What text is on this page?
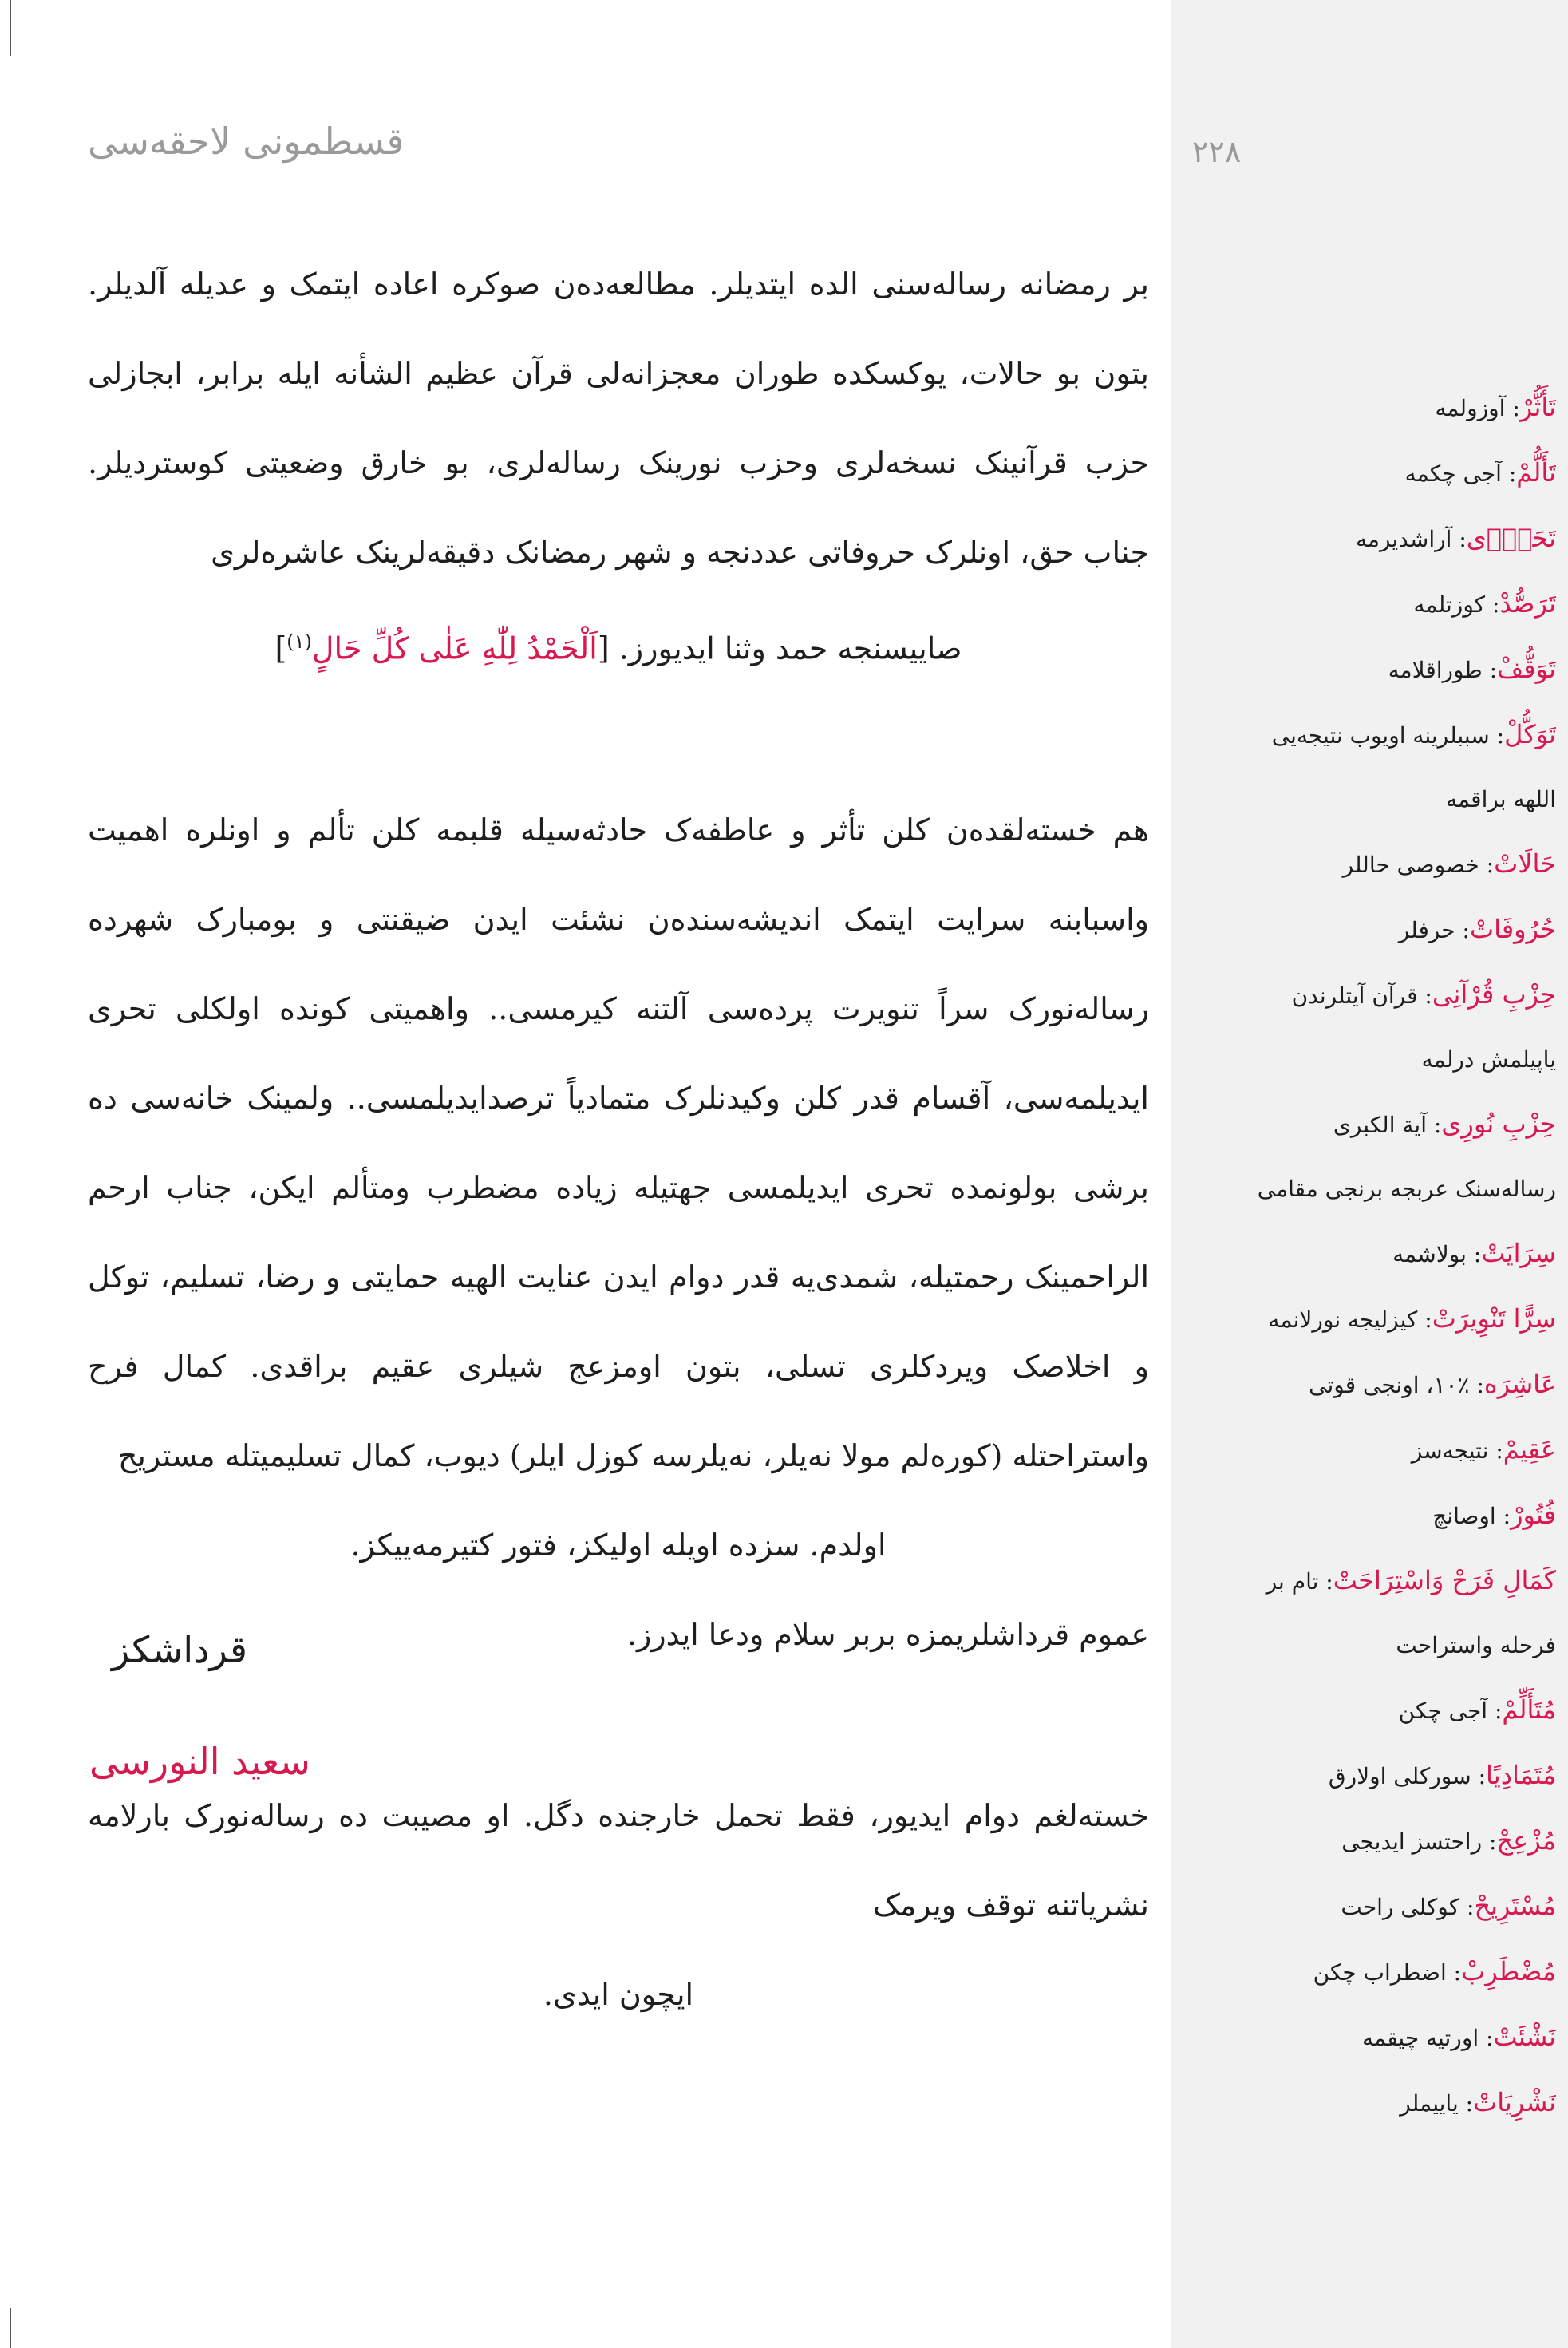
۲۲۸
قسطمونی لاحقه‌سی

بر رمضانه رساله‌سنی الده ایتدیلر. مطالعه‌ده‌ن صوکره اعاده ایتمک و عدیله آلدیلر. بتون بو حالات، یوکسکده طوران معجزانه‌لی قرآن عظیم الشأنه ایله برابر، ابجازلی حزب قرآنینک نسخه‌لری وحزب نورینک رساله‌لری، بو خارق وضعیتی کوستردیلر. جناب حق، اونلرک حروفاتی عددنجه و شهر رمضانک دقیقه‌لرینک عاشره‌لری

صاییسنجه حمد وثنا ایدیورز. [اَلْحَمْدُ لِلّٰهِ عَلٰى كُلِّ حَالٍ$^{(۱)}$]

هم خسته‌لقده‌ن کلن تأثر و عاطفه‌ک حادثه‌سیله قلبمه کلن تألم و اونلره اهمیت واسبابنه سرایت ایتمک اندیشه‌سنده‌ن نشئت ایدن ضیقنتی و بومبارک شهرده رساله‌نورک سراً تنویرت پرده‌سی آلتنه کیرمسی.. واهمیتی کونده اولکلی تحری ایدیلمه‌سی، آقسام قدر کلن وکیدنلرک متمادیاً ترصدایدیلمسی.. ولمینک خانه‌سی ده برشی بولونمده تحری ایدیلمسی جهتیله زیاده مضطرب ومتألم ایکن، جناب ارحم الراحمینک رحمتیله، شمدی‌یه قدر دوام ایدن عنایت الهیه حمایتی و رضا، تسلیم، توکل و اخلاصک ویردکلری تسلی، بتون اومزعج شیلری عقیم براقدی. کمال فرح واستراحتله (کوره‌لم مولا نه‌یلر، نه‌یلرسه کوزل ایلر) دیوب، کمال تسلیمیتله مستریح

اولدم. سزده اویله اولیکز، فتور کتیرمه‌ییکز.

عموم قرداشلریمزه بربر سلام ودعا ایدرز.

خسته‌لغم دوام ایدیور، فقط تحمل خارجنده دگل. او مصیبت ده رساله‌نورک بارلامه نشریاتنه توقف ویرمک

ایچون ایدی.

قرداشکز
سعید النورسی

تَأَثُّرْ: آوزولمه

تَأَلُّمْ: آجی چکمه

تَحَرّٖى: آراشدیرمه

تَرَصُّدْ: کوزتلمه

تَوَقُّفْ: طوراقلامه

تَوَكُّلْ: سببلرینه اویوب نتیجه‌یی

اللهه براقمه

حَالَاتْ: خصوصی حاللر

حُرُوفَاتْ: حرفلر

حِزْبِ قُرْآنِى: قرآن آیتلرندن

یاپیلمش درلمه

حِزْبِ نُورِى: آیة الکبری

رساله‌سنک عربجه برنجی مقامی

سِرَايَتْ: بولاشمه

سِرًّا تَنْوِيرَتْ: کیزلیجه نورلانمه

عَاشِرَه: ٪۱۰، اونجی قوتی

عَقِيمْ: نتیجه‌سز

فُتُورْ: اوصانچ

كَمَالِ فَرَحْ وَاسْتِرَاحَتْ: تام بر

فرحله واستراحت

مُتَأَلِّمْ: آجی چکن

مُتَمَادِيًا: سورکلی اولارق

مُزْعِجْ: راحتسز ایدیجی

مُسْتَرِيحْ: کوکلی راحت

مُضْطَرِبْ: اضطراب چکن

نَشْئَتْ: اورتیه چیقمه

نَشْرِيَاتْ: یاییملر
